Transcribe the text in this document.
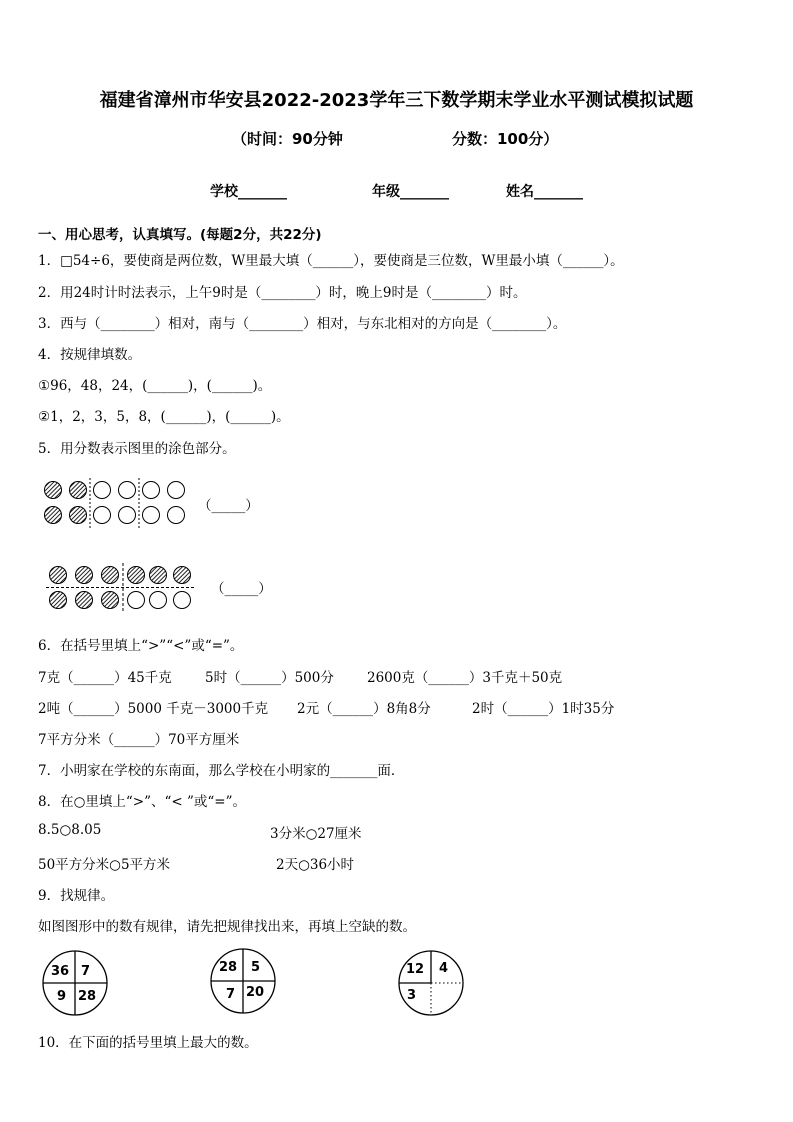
福建省漳州市华安县2022-2023学年三下数学期末学业水平测试模拟试题
（时间：90分钟	分数：100分）
学校_______	年级_______	姓名_______
一、用心思考，认真填写。(每题2分，共22分)
1．□54÷6，要使商是两位数，W里最大填（______），要使商是三位数，W里最小填（______）。
2．用24时计时法表示，上午9时是（________）时，晚上9时是（________）时。
3．西与（________）相对，南与（________）相对，与东北相对的方向是（________）。
4．按规律填数。
①96，48，24，(______)，(______)。
②1，2，3，5，8，(______)，(______)。
5．用分数表示图里的涂色部分。
（_____）
（_____）
6．在括号里填上“>”“<”或“=”。
7克（______）45千克 5时（______）500分 2600克（______）3千克＋50克
2吨（______）5000 千克－3000千克 2元（______）8角8分	2时（______）1时35分
7平方分米（______）70平方厘米
7．小明家在学校的东南面，那么学校在小明家的_______面．
8．在○里填上“>”、“< ”或“=”。
8.5○8.05	3分米○27厘米
50平方分米○5平方米	2天○36小时
9．找规律。
如图图形中的数有规律，请先把规律找出来，再填上空缺的数。
36 7
9 28
28 5
7 20
12 4
3
10．在下面的括号里填上最大的数。
